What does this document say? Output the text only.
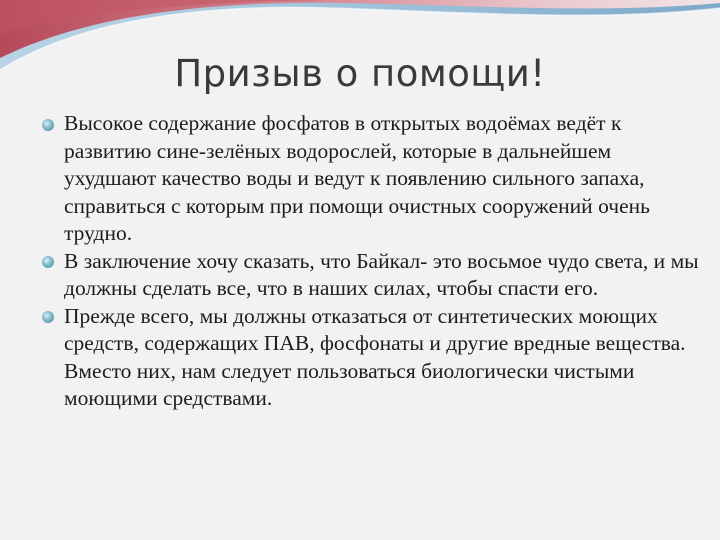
Призыв о помощи!
Высокое содержание фосфатов в открытых водоёмах ведёт к развитию сине-зелёных водорослей, которые в дальнейшем ухудшают качество воды и ведут к появлению сильного запаха, справиться с которым при помощи очистных сооружений очень трудно.
В заключение хочу сказать, что Байкал- это восьмое чудо света, и мы должны сделать все, что в наших силах, чтобы спасти его.
Прежде всего, мы должны отказаться от синтетических моющих средств, содержащих ПАВ, фосфонаты и другие вредные вещества. Вместо них, нам следует пользоваться биологически чистыми моющими средствами.
